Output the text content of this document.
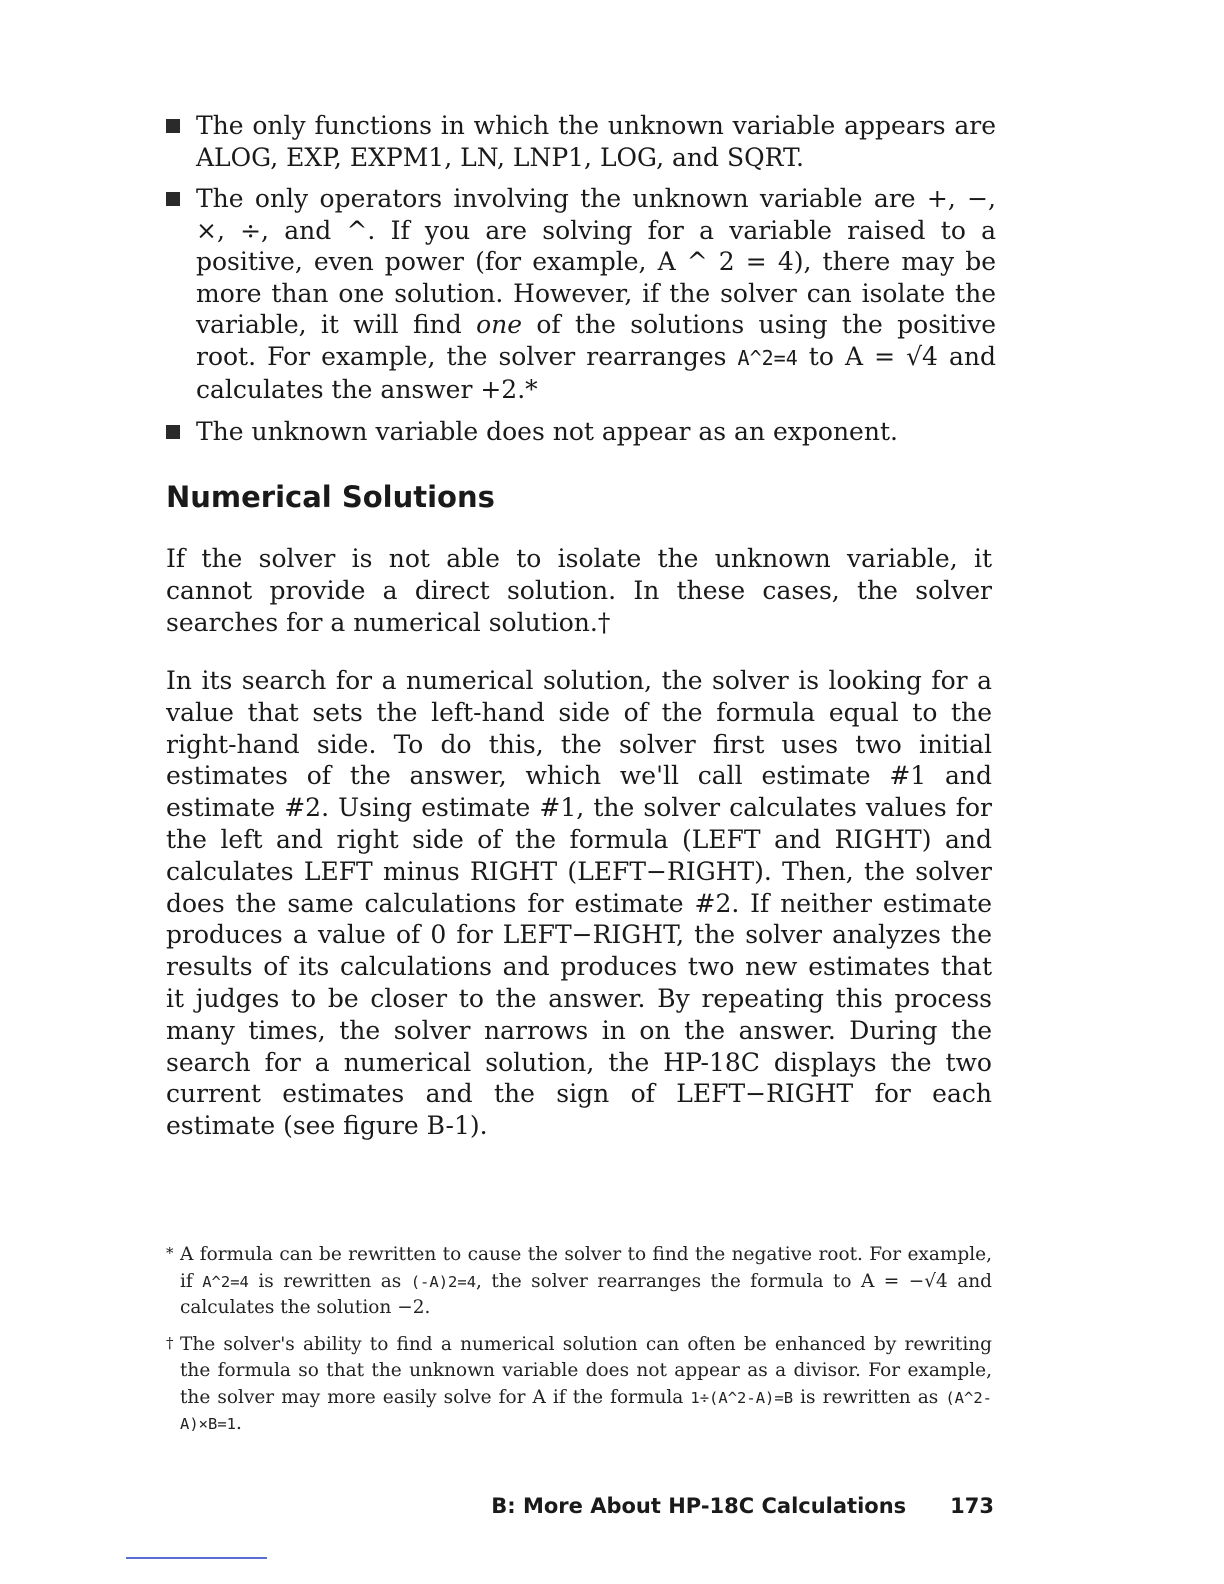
The only functions in which the unknown variable appears are ALOG, EXP, EXPM1, LN, LNP1, LOG, and SQRT.
The only operators involving the unknown variable are +, −, ×, ÷, and ^. If you are solving for a variable raised to a positive, even power (for example, A ^ 2 = 4), there may be more than one solution. However, if the solver can isolate the variable, it will find one of the solutions using the positive root. For example, the solver rearranges A^2=4 to A = √4 and calculates the answer +2.*
The unknown variable does not appear as an exponent.
Numerical Solutions
If the solver is not able to isolate the unknown variable, it cannot provide a direct solution. In these cases, the solver searches for a numerical solution.†
In its search for a numerical solution, the solver is looking for a value that sets the left-hand side of the formula equal to the right-hand side. To do this, the solver first uses two initial estimates of the answer, which we'll call estimate #1 and estimate #2. Using estimate #1, the solver calculates values for the left and right side of the formula (LEFT and RIGHT) and calculates LEFT minus RIGHT (LEFT−RIGHT). Then, the solver does the same calculations for estimate #2. If neither estimate produces a value of 0 for LEFT−RIGHT, the solver analyzes the results of its calculations and produces two new estimates that it judges to be closer to the answer. By repeating this process many times, the solver narrows in on the answer. During the search for a numerical solution, the HP-18C displays the two current estimates and the sign of LEFT−RIGHT for each estimate (see figure B-1).
* A formula can be rewritten to cause the solver to find the negative root. For example, if A^2=4 is rewritten as (-A)2=4, the solver rearranges the formula to A = −√4 and calculates the solution −2.
† The solver's ability to find a numerical solution can often be enhanced by rewriting the formula so that the unknown variable does not appear as a divisor. For example, the solver may more easily solve for A if the formula 1÷(A^2-A)=B is rewritten as (A^2-A)×B=1.
B: More About HP-18C Calculations 173
